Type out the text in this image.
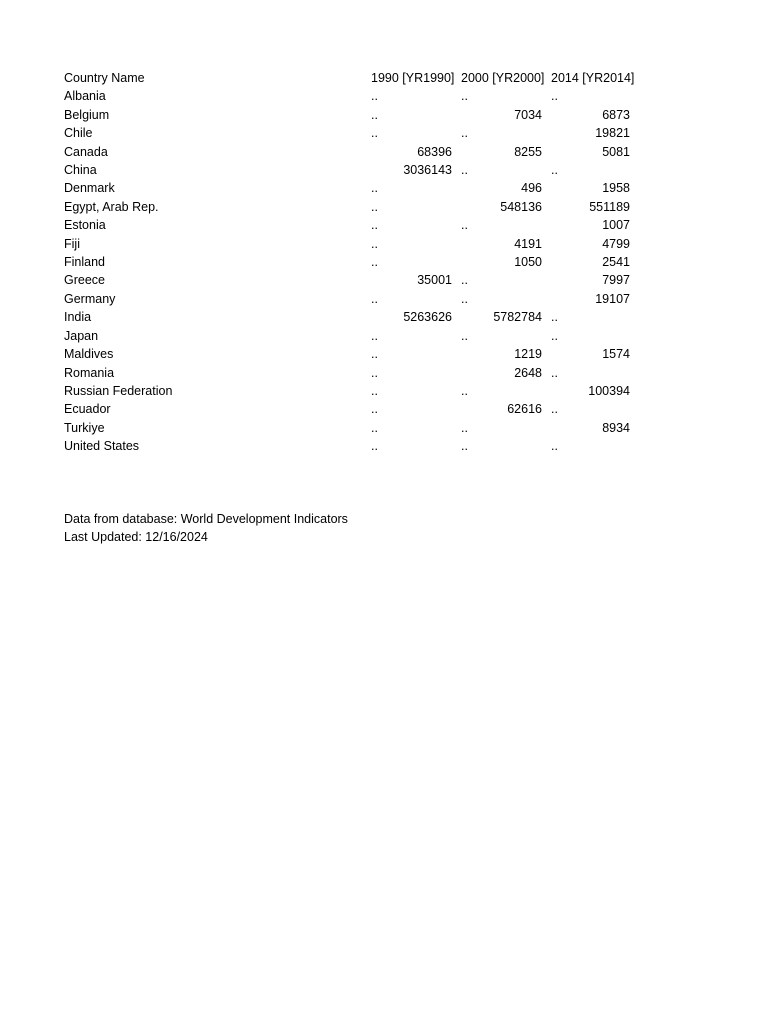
Country Name	1990 [YR1990]	2000 [YR2000]	2014 [YR2014]
Albania	..	..	..
Belgium	..	7034	6873
Chile	..	..	19821
Canada	68396	8255	5081
China	3036143	..	..
Denmark	..	496	1958
Egypt, Arab Rep.	..	548136	551189
Estonia	..	..	1007
Fiji	..	4191	4799
Finland	..	1050	2541
Greece	35001	..	7997
Germany	..	..	19107
India	5263626	5782784	..
Japan	..	..	..
Maldives	..	1219	1574
Romania	..	2648	..
Russian Federation	..	..	100394
Ecuador	..	62616	..
Turkiye	..	..	8934
United States	..	..	..
Data from database: World Development Indicators
Last Updated: 12/16/2024
